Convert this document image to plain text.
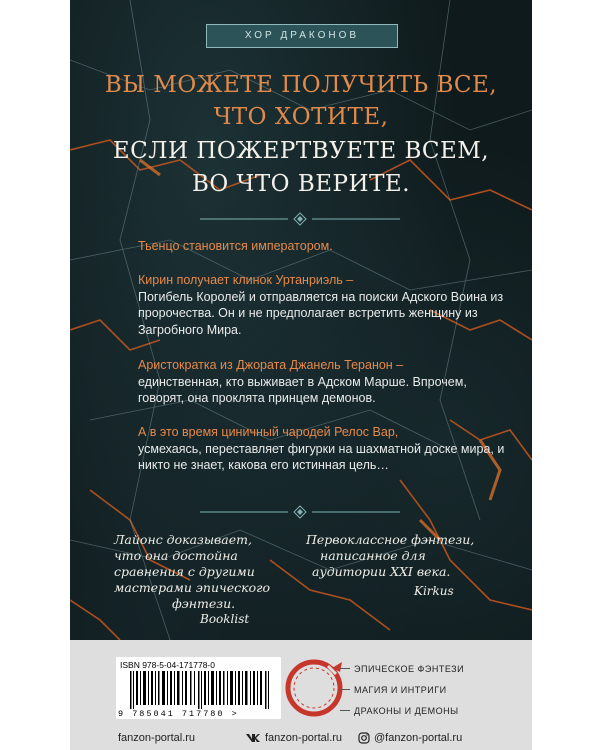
ХОР ДРАКОНОВ
ВЫ МОЖЕТЕ ПОЛУЧИТЬ ВСЕ,
ЧТО ХОТИТЕ,
ЕСЛИ ПОЖЕРТВУЕТЕ ВСЕМ,
ВО ЧТО ВЕРИТЕ.
Тьенцо становится императором.
Кирин получает клинок Уртанриэль –
Погибель Королей и отправляется на поиски Адского Воина из пророчества. Он и не предполагает встретить женщину из Загробного Мира.
Аристократка из Джората Джанель Теранон –
единственная, кто выживает в Адском Марше. Впрочем, говорят, она проклята принцем демонов.
А в это время циничный чародей Релос Вар,
усмехаясь, переставляет фигурки на шахматной доске мира, и никто не знает, какова его истинная цель…
Лайонс доказывает,
что она достойна
сравнения с другими
мастерами эпического
фэнтези.
Booklist
Первоклассное фэнтези,
написанное для
аудитории XXI века.
Kirkus
ISBN 978-5-04-171778-0
9 785041 717780 >
ЭПИЧЕСКОЕ ФЭНТЕЗИ
МАГИЯ И ИНТРИГИ
ДРАКОНЫ И ДЕМОНЫ
fanzon-portal.ru	fanzon-portal.ru	@fanzon-portal.ru
